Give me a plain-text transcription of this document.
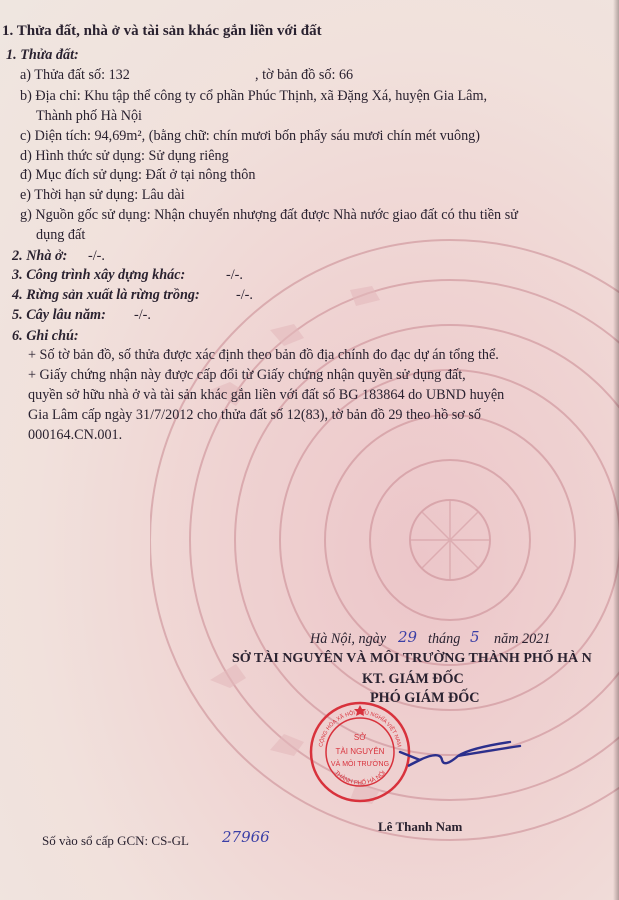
1. Thửa đất, nhà ở và tài sản khác gắn liền với đất
1. Thửa đất:
a) Thửa đất số: 132	, tờ bản đồ số: 66
b) Địa chỉ: Khu tập thể công ty cổ phần Phúc Thịnh, xã Đặng Xá, huyện Gia Lâm,
Thành phố Hà Nội
c) Diện tích: 94,69m², (bằng chữ: chín mươi bốn phẩy sáu mươi chín mét vuông)
d) Hình thức sử dụng: Sử dụng riêng
đ) Mục đích sử dụng: Đất ở tại nông thôn
e) Thời hạn sử dụng: Lâu dài
g) Nguồn gốc sử dụng: Nhận chuyển nhượng đất được Nhà nước giao đất có thu tiền sử
dụng đất
2. Nhà ở: -/-.
3. Công trình xây dựng khác:	-/-.
4. Rừng sản xuất là rừng trồng:	-/-.
5. Cây lâu năm: -/-.
6. Ghi chú:
+ Số tờ bản đồ, số thửa được xác định theo bản đồ địa chính đo đạc dự án tổng thể.
+ Giấy chứng nhận này được cấp đổi từ Giấy chứng nhận quyền sử dụng đất,
quyền sở hữu nhà ở và tài sản khác gắn liền với đất số BG 183864 do UBND huyện
Gia Lâm cấp ngày 31/7/2012 cho thửa đất số 12(83), tờ bản đồ 29 theo hồ sơ số
000164.CN.001.
Hà Nội, ngày 29 tháng 5 năm 2021
SỞ TÀI NGUYÊN VÀ MÔI TRƯỜNG THÀNH PHỐ HÀ N
KT. GIÁM ĐỐC
PHÓ GIÁM ĐỐC
SỞ
TÀI NGUYÊN
VÀ MÔI TRƯỜNG
CỘNG HÒA XÃ HỘI CHỦ NGHĨA VIỆT NAM
THÀNH PHỐ HÀ NỘI
Lê Thanh Nam
Số vào sổ cấp GCN: CS-GL 27966
